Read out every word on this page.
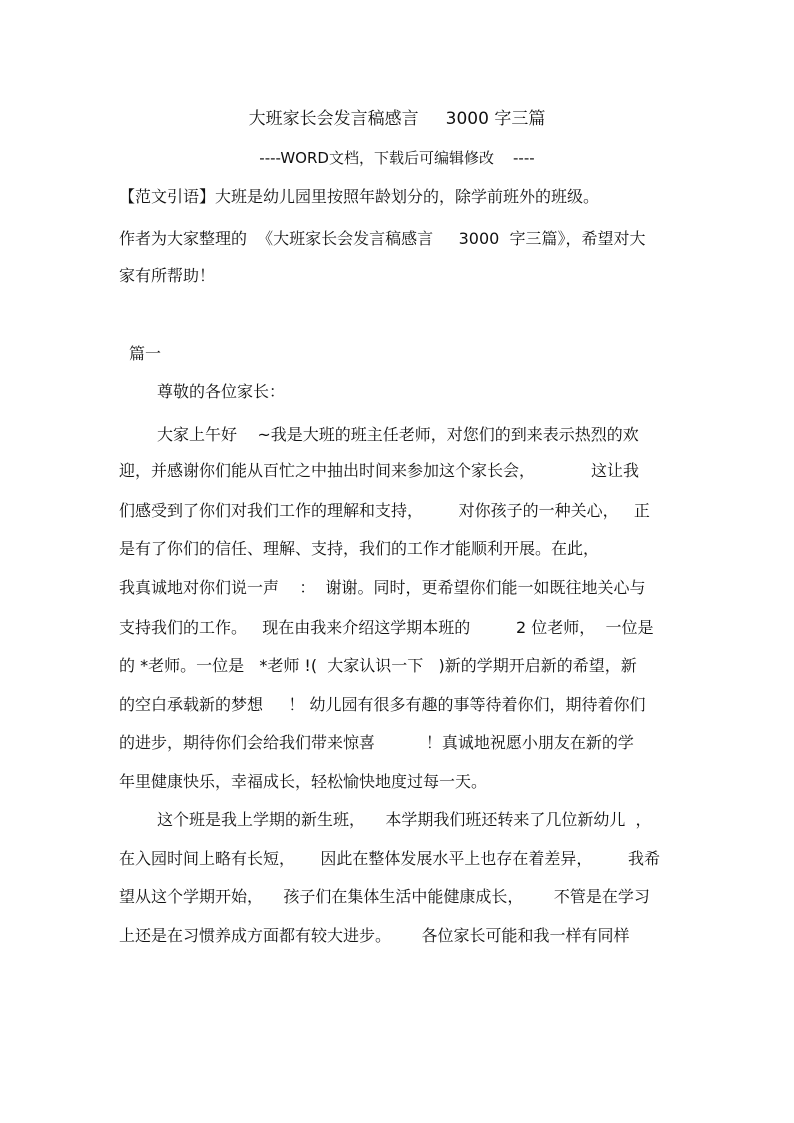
大班家长会发言稿感言     3000 字三篇
----WORD文档，下载后可编辑修改    ----
【范文引语】大班是幼儿园里按照年龄划分的，除学前班外的班级。
作者为大家整理的  《大班家长会发言稿感言     3000  字三篇》，希望对大
家有所帮助！
篇一
尊敬的各位家长：
大家上午好    ~我是大班的班主任老师，对您们的到来表示热烈的欢
迎，并感谢你们能从百忙之中抽出时间来参加这个家长会，           这让我
们感受到了你们对我们工作的理解和支持，       对你孩子的一种关心，   正
是有了你们的信任、理解、支持，我们的工作才能顺利开展。在此，
我真诚地对你们说一声    ：  谢谢。同时，更希望你们能一如既往地关心与
支持我们的工作。   现在由我来介绍这学期本班的         2 位老师，  一位是
的 *老师。一位是   *老师 !(  大家认识一下   )新的学期开启新的希望，新
的空白承载新的梦想     ！ 幼儿园有很多有趣的事等待着你们，期待着你们
的进步，期待你们会给我们带来惊喜          ！真诚地祝愿小朋友在新的学
年里健康快乐，幸福成长，轻松愉快地度过每一天。
这个班是我上学期的新生班，    本学期我们班还转来了几位新幼儿  ，
在入园时间上略有长短，     因此在整体发展水平上也存在着差异，       我希
望从这个学期开始，    孩子们在集体生活中能健康成长，      不管是在学习
上还是在习惯养成方面都有较大进步。      各位家长可能和我一样有同样
